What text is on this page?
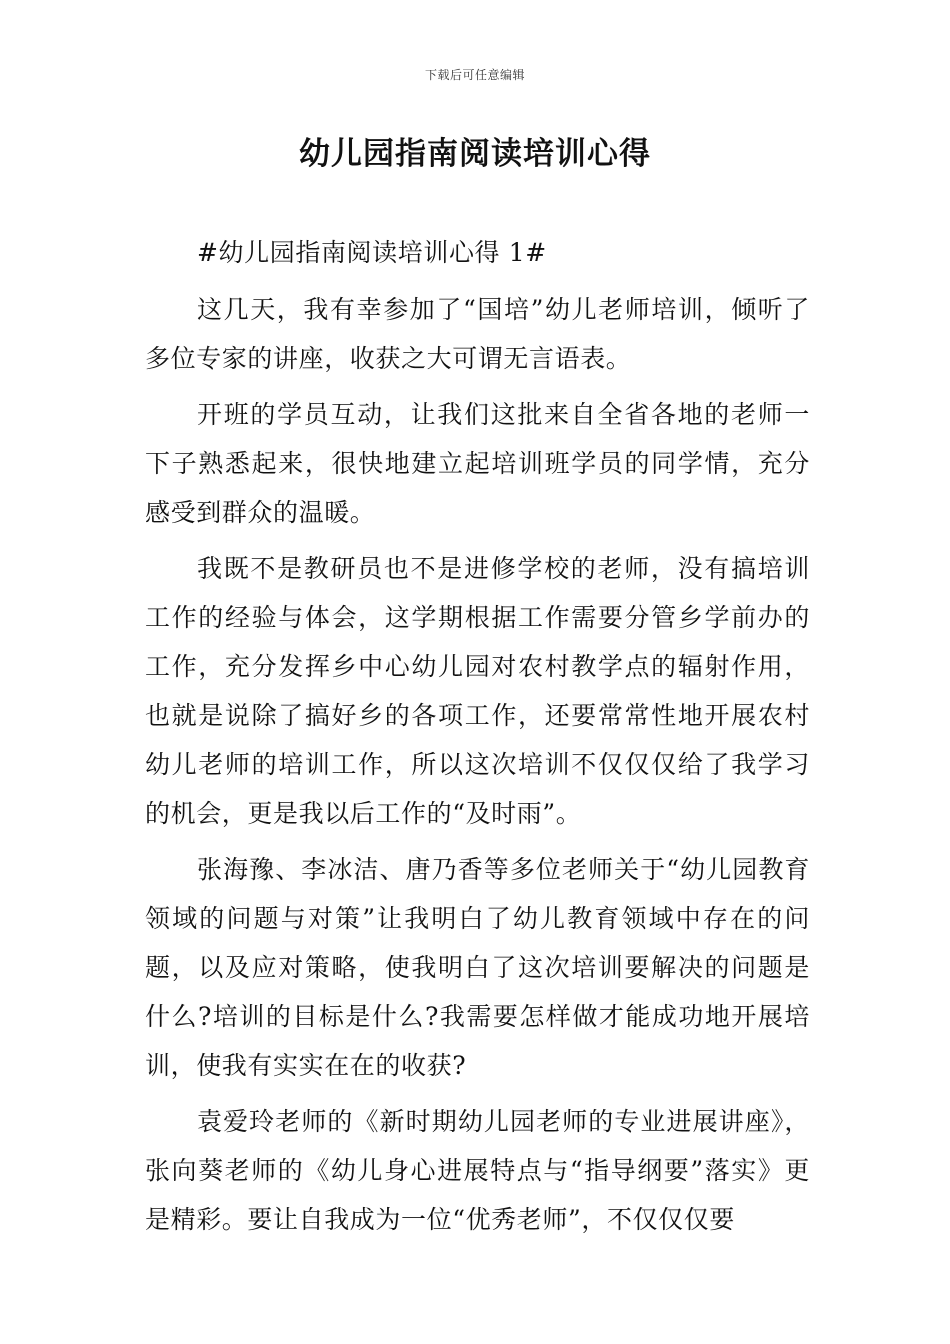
下载后可任意编辑
幼儿园指南阅读培训心得

#幼儿园指南阅读培训心得 1#

这几天，我有幸参加了“国培”幼儿老师培训，倾听了多位专家的讲座，收获之大可谓无言语表。

开班的学员互动，让我们这批来自全省各地的老师一下子熟悉起来，很快地建立起培训班学员的同学情，充分感受到群众的温暖。

我既不是教研员也不是进修学校的老师，没有搞培训工作的经验与体会，这学期根据工作需要分管乡学前办的工作，充分发挥乡中心幼儿园对农村教学点的辐射作用，也就是说除了搞好乡的各项工作，还要常常性地开展农村幼儿老师的培训工作，所以这次培训不仅仅仅给了我学习的机会，更是我以后工作的“及时雨”。

张海豫、李冰洁、唐乃香等多位老师关于“幼儿园教育领域的问题与对策”让我明白了幼儿教育领域中存在的问题，以及应对策略，使我明白了这次培训要解决的问题是什么?培训的目标是什么?我需要怎样做才能成功地开展培训，使我有实实在在的收获?

袁爱玲老师的《新时期幼儿园老师的专业进展讲座》，张向葵老师的《幼儿身心进展特点与“指导纲要”落实》更是精彩。要让自我成为一位“优秀老师”，不仅仅仅要
